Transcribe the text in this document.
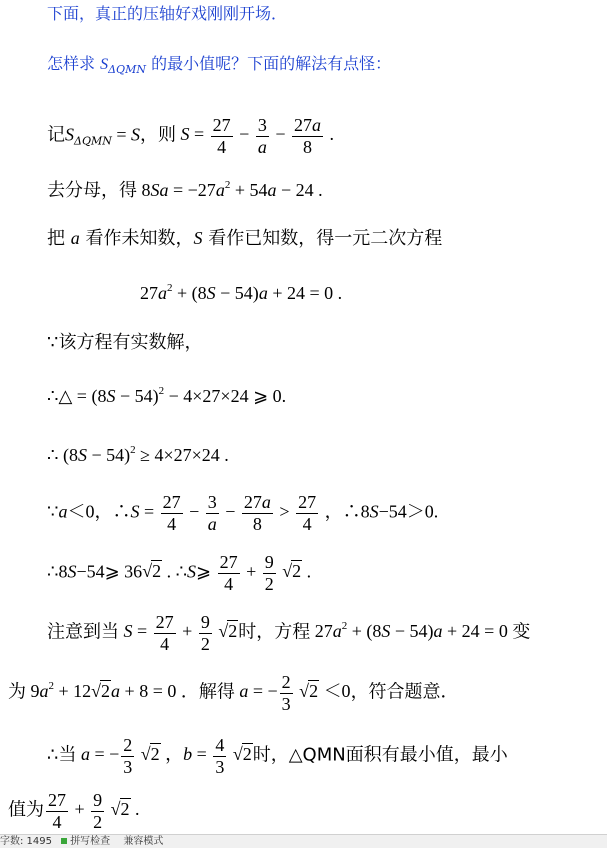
下面，真正的压轴好戏刚刚开场．
怎样求 $S_{\Delta QMN}$ 的最小值呢？下面的解法有点怪：
记$S_{\Delta QMN} = S$，则 $S = \frac{27}{4} - \frac{3}{a} - \frac{27a}{8}$ .
去分母，得 $8Sa = -27a^2 + 54a - 24$ .
把 a 看作未知数，S 看作已知数，得一元二次方程
$27a^2 + (8S - 54)a + 24 = 0$ .
∵该方程有实数解，
∴△ = $(8S - 54)^2 - 4\times 27\times 24$ ⩾ 0.
∴ $(8S - 54)^2 \ge 4\times 27\times 24$ .
∵a＜0，∴S = $\frac{27}{4} - \frac{3}{a} - \frac{27a}{8} > \frac{27}{4}$ ，∴8S−54＞0.
∴8S−54⩾ 36√2 . ∴S⩾ $\frac{27}{4} + \frac{9}{2} √2$ .
注意到当 $S = \frac{27}{4} + \frac{9}{2} √2$时，方程 $27a^2 + (8S - 54)a + 24 = 0$ 变
为 $9a^2 + 12√2a + 8 = 0$ ．解得 a = − $\frac{2}{3} √2 <0$，符合题意．
∴当 a = − $\frac{2}{3} √2$ ，$b = \frac{4}{3} √2$时，△QMN面积有最小值，最小
值为 $\frac{27}{4} + \frac{9}{2} √2$ .
字数: 1495 拼写检查 兼容模式
